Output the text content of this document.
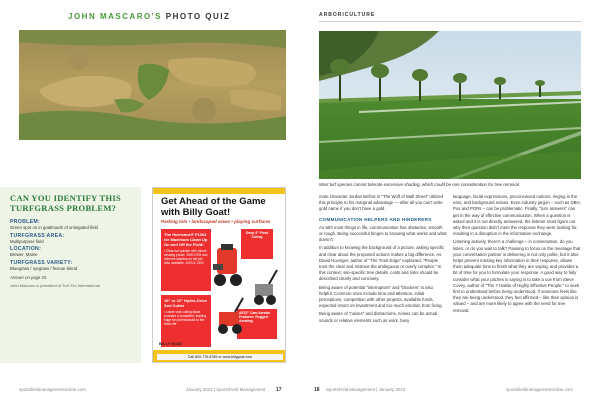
JOHN MASCARO'S PHOTO QUIZ
CAN YOU IDENTIFY THIS TURFGRASS PROBLEM?
PROBLEM:
Green spot on in goalmouth of uninigated field
TURFGRASS AREA:
Multipurpose field
LOCATION:
Brewer, Maine
TURFGRASS VARIETY:
Bluegrass / ryegrass / fescue blend
Answer on page 33
John Mascaro is president of Turf-Tec International
Get Ahead of the Game with Billy Goat!
Parking lots • landscaped areas • playing surfaces
The Hurricane® F1002 for Maximum Clean Up On and Off the Field!
• Clear turf quicker with robust clearing power. 3000 CFM and extreme stamina on the job. Also available: 1003 & 1303
18" or 22" Hydro-Drive Sod Cutter
• Lower cost cutting blade provides a consistent, leading edge for professionals to the finish life
Deep 3" Pivot Coring
AE22" Cam Aerator Features: Rugged Aerating
BILLY GOAT
Call 800-776-6789 or www.billygoat.com
sportsfieldmanagementonline.com	January 2023 | SportsField Management 17
ARBORICULTURE
Most turf species cannot tolerate excessive shading, which could be one consideration for tree removal.

mote character Jordan Belfort in "The Wolf of Wall Street" utilized this principle to his marginal advantage — after all you can't write gold name if you don't have a gold.

COMMUNICATION HELPERS AND HINDERERS

As with most things in life, communication has obstacles, smooth or rough. Being successful hinges to knowing what works and what doesn't.

In addition to knowing the background of a picture, asking specific and clear about the proposed actions makes a big difference. As David Hovinger, author of "The Trust Edge" explained, "People trust the clear and mistrust the ambiguous or overly complex." In this context, site-specific tree details, costs and risks should be described clearly and concisely.

Being aware of potential "interruptors" and "blockers" is also helpful. Common ones include time and attention, initial perceptions, competition with other projects, available funds, expected return on investment and too much emotion from fixing.

Being aware of "noises" and distractions, noises can be actual sounds or relative elements such as work, busy

language, facial expressions, preconceived notions, ringing in the ears, and background noises. Even industry jargon – such as DBH, Pos and PGRs – can be problematic. Finally, "turn answers" can get in the way of effective communication. When a question is asked and it is not directly answered, the listener must figure out why their question didn't meet the response they were looking for, resulting in a disruption in the information exchange.

Listening actively, there's a challenge – in conversation, do you listen, or do you wait to talk? Pausing to focus on the message that your conversation partner is delivering is not only polite, but it also helps prevent missing key information in their response, allows them adequate time to finish what they are saying, and provides a bit of time for you to formulate your response. A good way to fully consider what your pitches is saying is to take a cue from Steve Covey, author of "The 7 Habits of Highly Effective People," to seek first to understand before being understood. If someone feels like they are being understood, they feel affirmed – like their opinion is valued – and are more likely to agree with the need for tree removal.

18 SportsField Management | January 2023	sportsfieldmanagementonline.com
